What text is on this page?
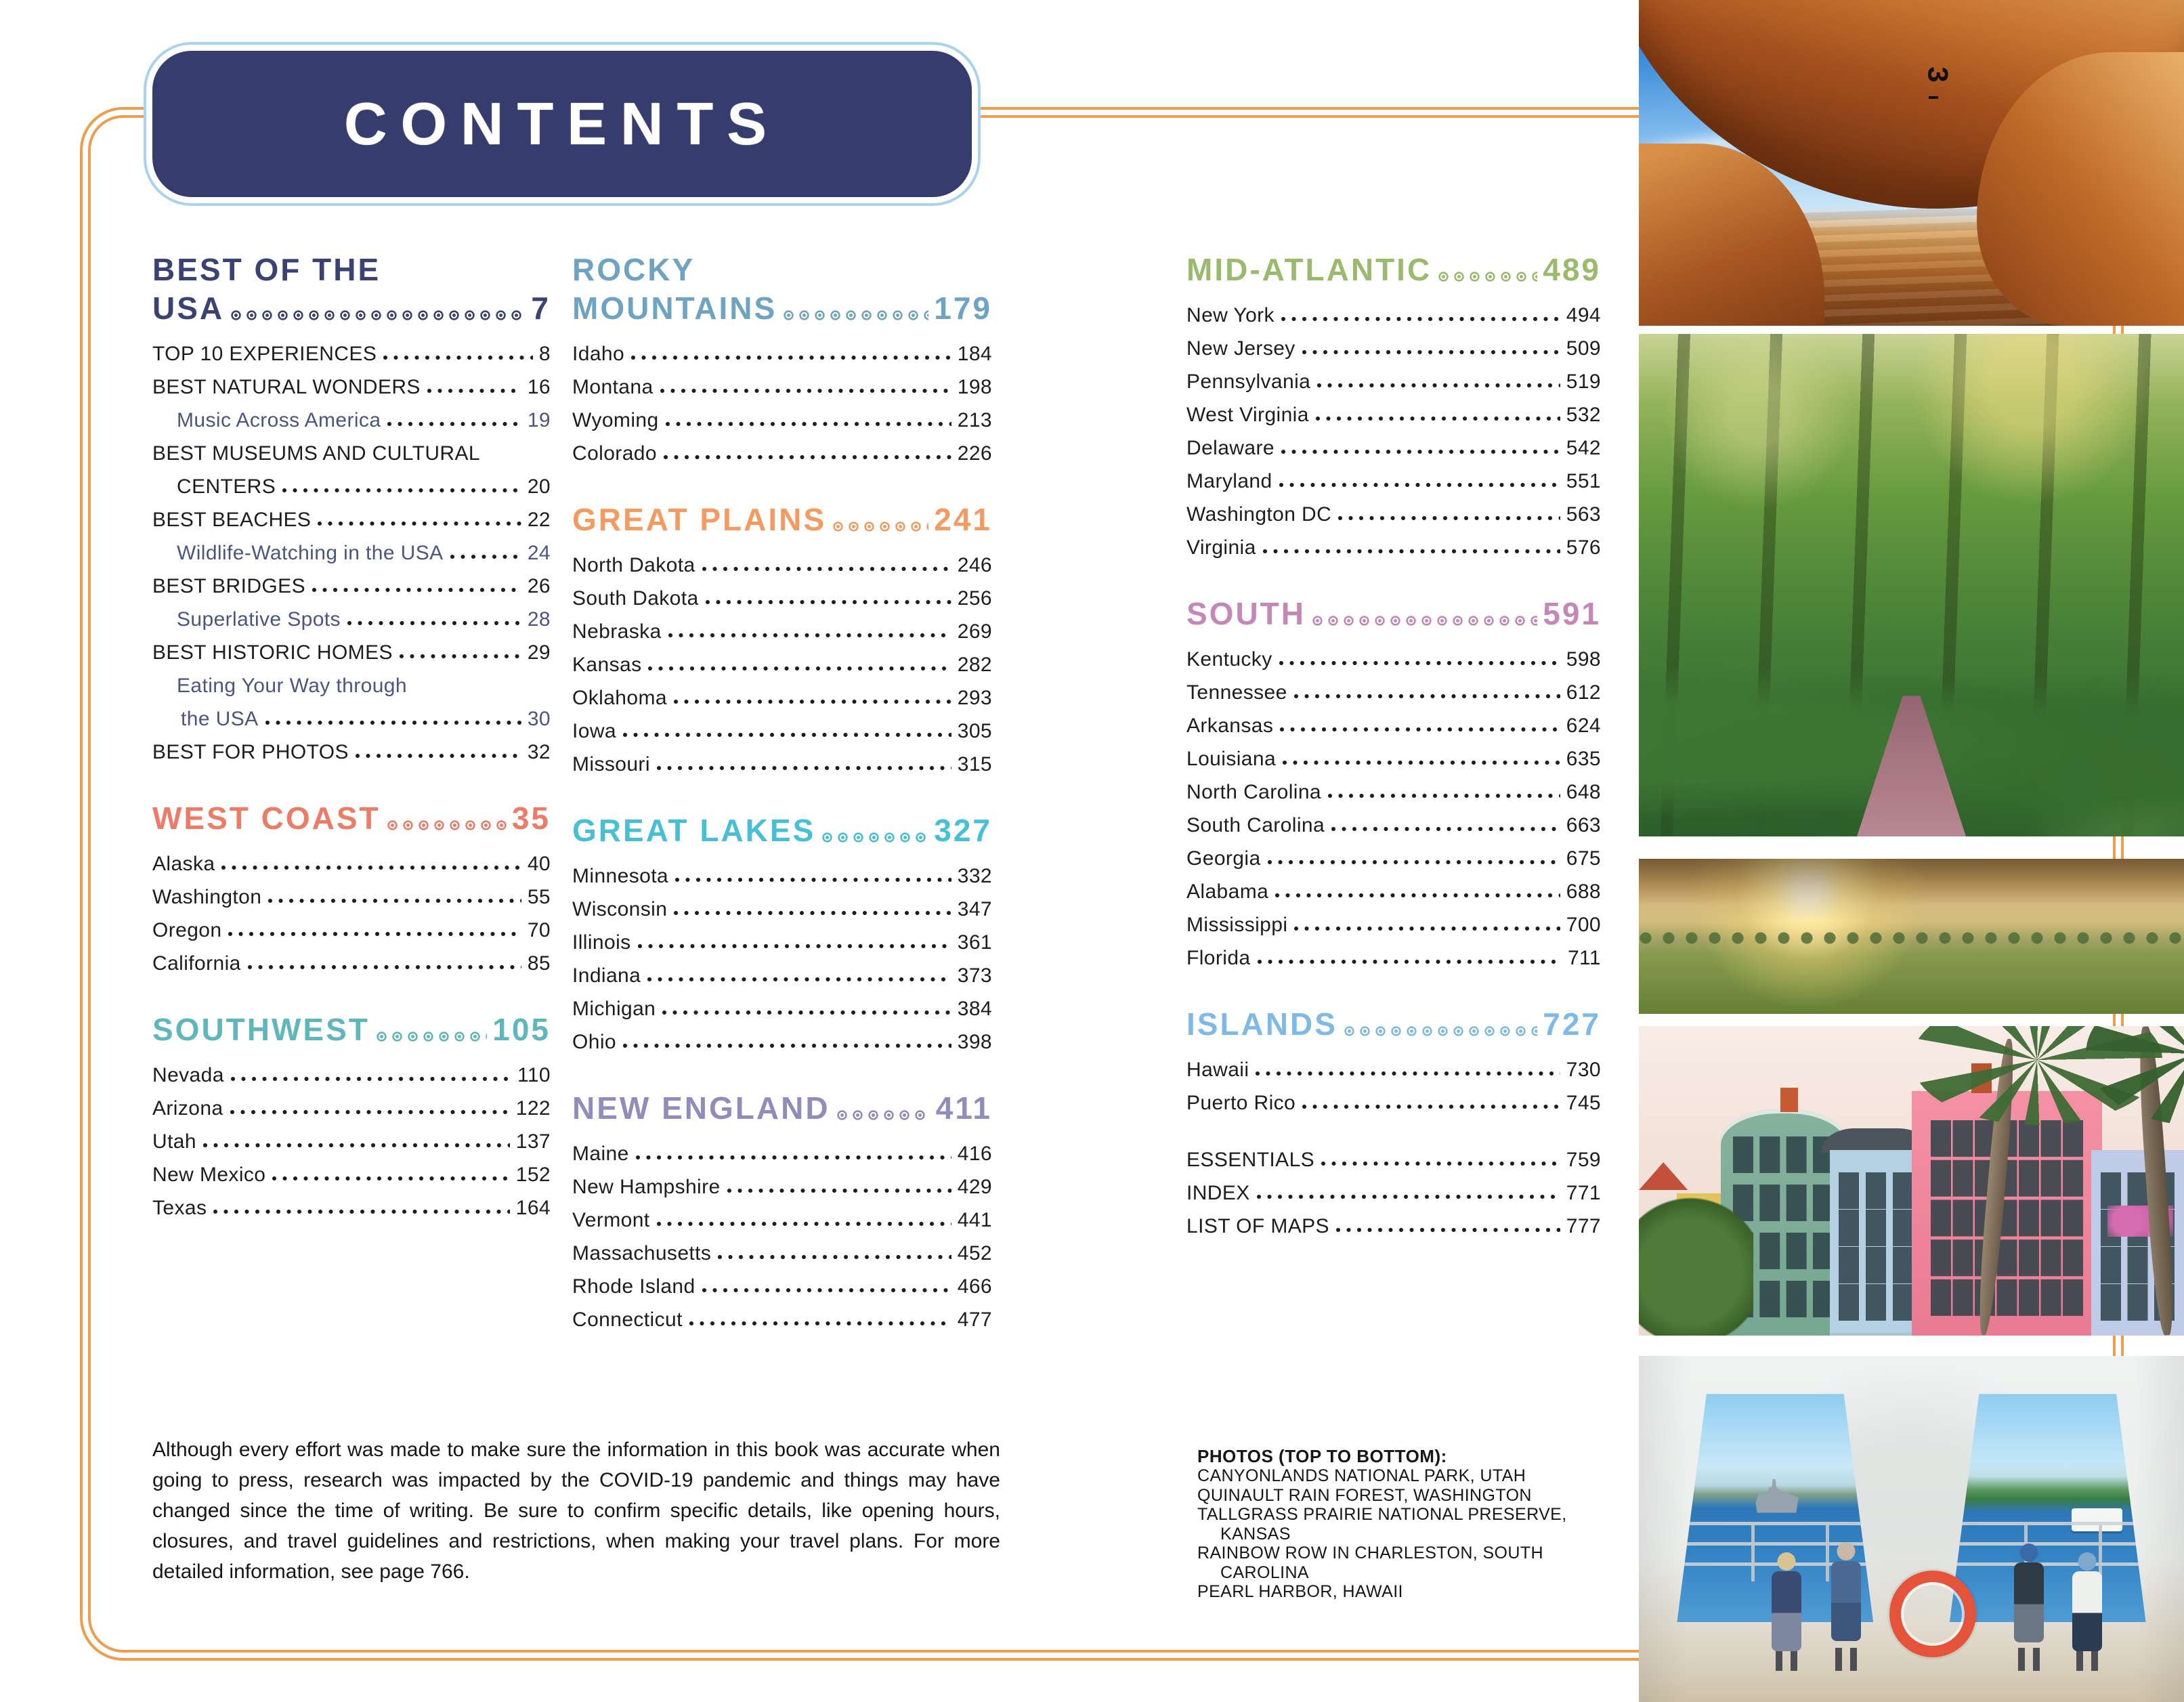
CONTENTS
BEST OF THE
USA	7
TOP 10 EXPERIENCES	8
BEST NATURAL WONDERS	16
Music Across America	19
BEST MUSEUMS AND CULTURAL
CENTERS	20
BEST BEACHES	22
Wildlife-Watching in the USA	24
BEST BRIDGES	26
Superlative Spots	28
BEST HISTORIC HOMES	29
Eating Your Way through
the USA	30
BEST FOR PHOTOS	32
WEST COAST	35
Alaska	40
Washington	55
Oregon	70
California	85
SOUTHWEST	105
Nevada	110
Arizona	122
Utah	137
New Mexico	152
Texas	164
ROCKY
MOUNTAINS	179
Idaho	184
Montana	198
Wyoming	213
Colorado	226
GREAT PLAINS	241
North Dakota	246
South Dakota	256
Nebraska	269
Kansas	282
Oklahoma	293
Iowa	305
Missouri	315
GREAT LAKES	327
Minnesota	332
Wisconsin	347
Illinois	361
Indiana	373
Michigan	384
Ohio	398
NEW ENGLAND	411
Maine	416
New Hampshire	429
Vermont	441
Massachusetts	452
Rhode Island	466
Connecticut	477
MID-ATLANTIC	489
New York	494
New Jersey	509
Pennsylvania	519
West Virginia	532
Delaware	542
Maryland	551
Washington DC	563
Virginia	576
SOUTH	591
Kentucky	598
Tennessee	612
Arkansas	624
Louisiana	635
North Carolina	648
South Carolina	663
Georgia	675
Alabama	688
Mississippi	700
Florida	711
ISLANDS	727
Hawaii	730
Puerto Rico	745
ESSENTIALS	759
INDEX	771
LIST OF MAPS	777

Although every effort was made to make sure the information in this book was accurate when going to press, research was impacted by the COVID-19 pandemic and things may have changed since the time of writing. Be sure to confirm specific details, like opening hours, closures, and travel guidelines and restrictions, when making your travel plans. For more detailed information, see page 766.

PHOTOS (TOP TO BOTTOM):
CANYONLANDS NATIONAL PARK, UTAH
QUINAULT RAIN FOREST, WASHINGTON
TALLGRASS PRAIRIE NATIONAL PRESERVE, KANSAS
RAINBOW ROW IN CHARLESTON, SOUTH CAROLINA
PEARL HARBOR, HAWAII
3
